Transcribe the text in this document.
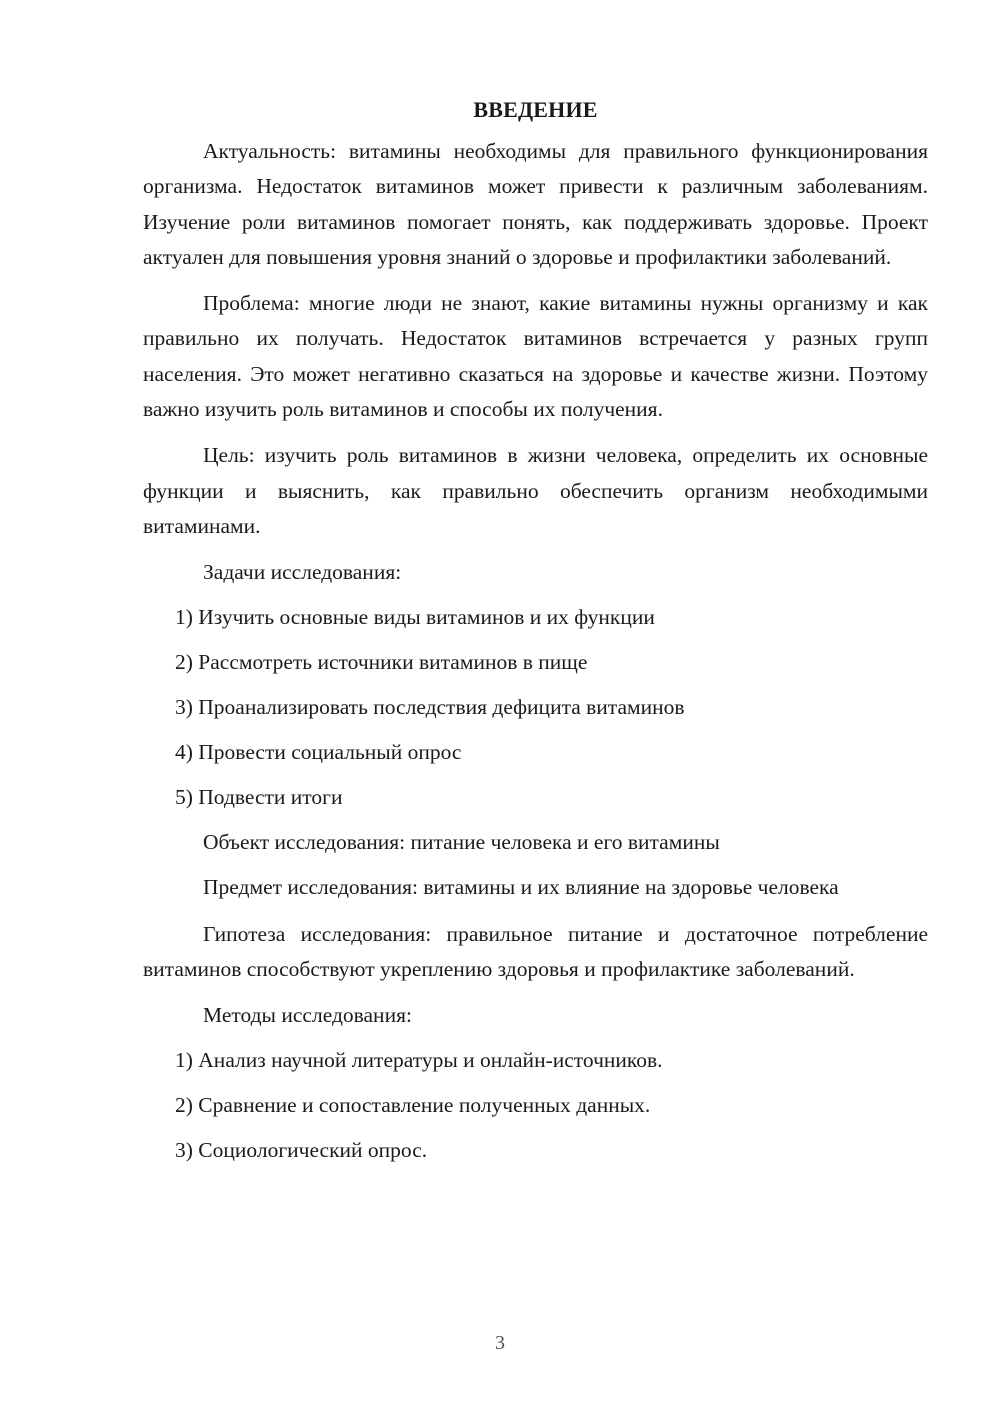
ВВЕДЕНИЕ

Актуальность: витамины необходимы для правильного функционирования организма. Недостаток витаминов может привести к различным заболеваниям. Изучение роли витаминов помогает понять, как поддерживать здоровье. Проект актуален для повышения уровня знаний о здоровье и профилактики заболеваний.

Проблема: многие люди не знают, какие витамины нужны организму и как правильно их получать. Недостаток витаминов встречается у разных групп населения. Это может негативно сказаться на здоровье и качестве жизни. Поэтому важно изучить роль витаминов и способы их получения.

Цель: изучить роль витаминов в жизни человека, определить их основные функции и выяснить, как правильно обеспечить организм необходимыми витаминами.

Задачи исследования:
1) Изучить основные виды витаминов и их функции
2) Рассмотреть источники витаминов в пище
3) Проанализировать последствия дефицита витаминов
4) Провести социальный опрос
5) Подвести итоги
Объект исследования: питание человека и его витамины

Предмет исследования: витамины и их влияние на здоровье человека

Гипотеза исследования: правильное питание и достаточное потребление витаминов способствуют укреплению здоровья и профилактике заболеваний.

Методы исследования:
1) Анализ научной литературы и онлайн-источников.
2) Сравнение и сопоставление полученных данных.
3) Социологический опрос.
3
